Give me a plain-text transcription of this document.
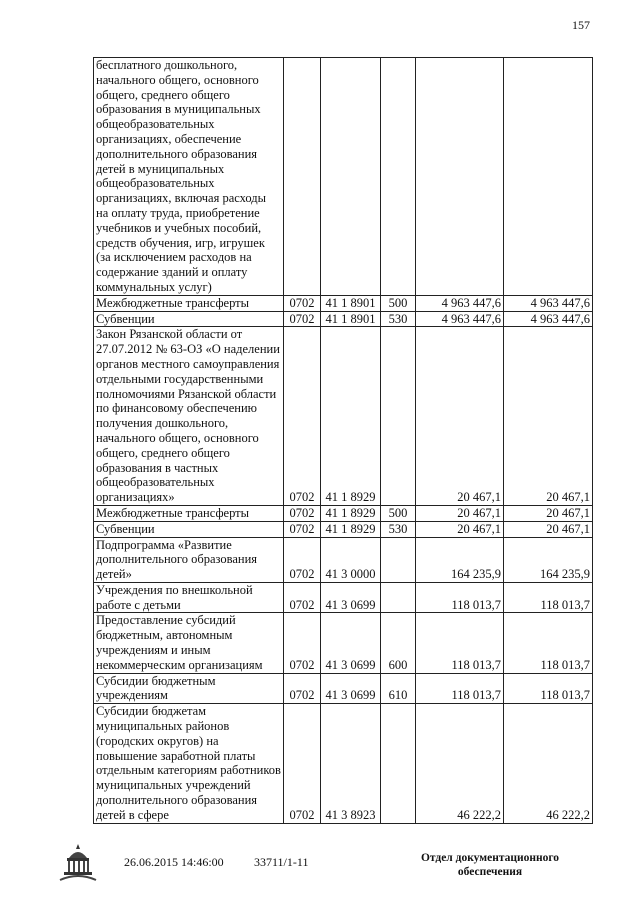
157
бесплатного дошкольного, начального общего, основного общего, среднего общего образования в муниципальных общеобразовательных организациях, обеспечение дополнительного образования детей в муниципальных общеобразовательных организациях, включая расходы на оплату труда, приобретение учебников и учебных пособий, средств обучения, игр, игрушек (за исключением расходов на содержание зданий и оплату коммунальных услуг)					
Межбюджетные трансферты	0702	41 1 8901	500	4 963 447,6	4 963 447,6
Субвенции	0702	41 1 8901	530	4 963 447,6	4 963 447,6
Закон Рязанской области от 27.07.2012 № 63-ОЗ «О наделении органов местного самоуправления отдельными государственными полномочиями Рязанской области по финансовому обеспечению получения дошкольного, начального общего, основного общего, среднего общего образования в частных общеобразовательных организациях»	0702	41 1 8929		20 467,1	20 467,1
Межбюджетные трансферты	0702	41 1 8929	500	20 467,1	20 467,1
Субвенции	0702	41 1 8929	530	20 467,1	20 467,1
Подпрограмма «Развитие дополнительного образования детей»	0702	41 3 0000		164 235,9	164 235,9
Учреждения по внешкольной работе с детьми	0702	41 3 0699		118 013,7	118 013,7
Предоставление субсидий бюджетным, автономным учреждениям и иным некоммерческим организациям	0702	41 3 0699	600	118 013,7	118 013,7
Субсидии бюджетным учреждениям	0702	41 3 0699	610	118 013,7	118 013,7
Субсидии бюджетам муниципальных районов (городских округов) на повышение заработной платы отдельным категориям работников муниципальных учреждений дополнительного образования детей в сфере	0702	41 3 8923		46 222,2	46 222,2
26.06.2015 14:46:00	33711/1-11	Отдел документационного
обеспечения
